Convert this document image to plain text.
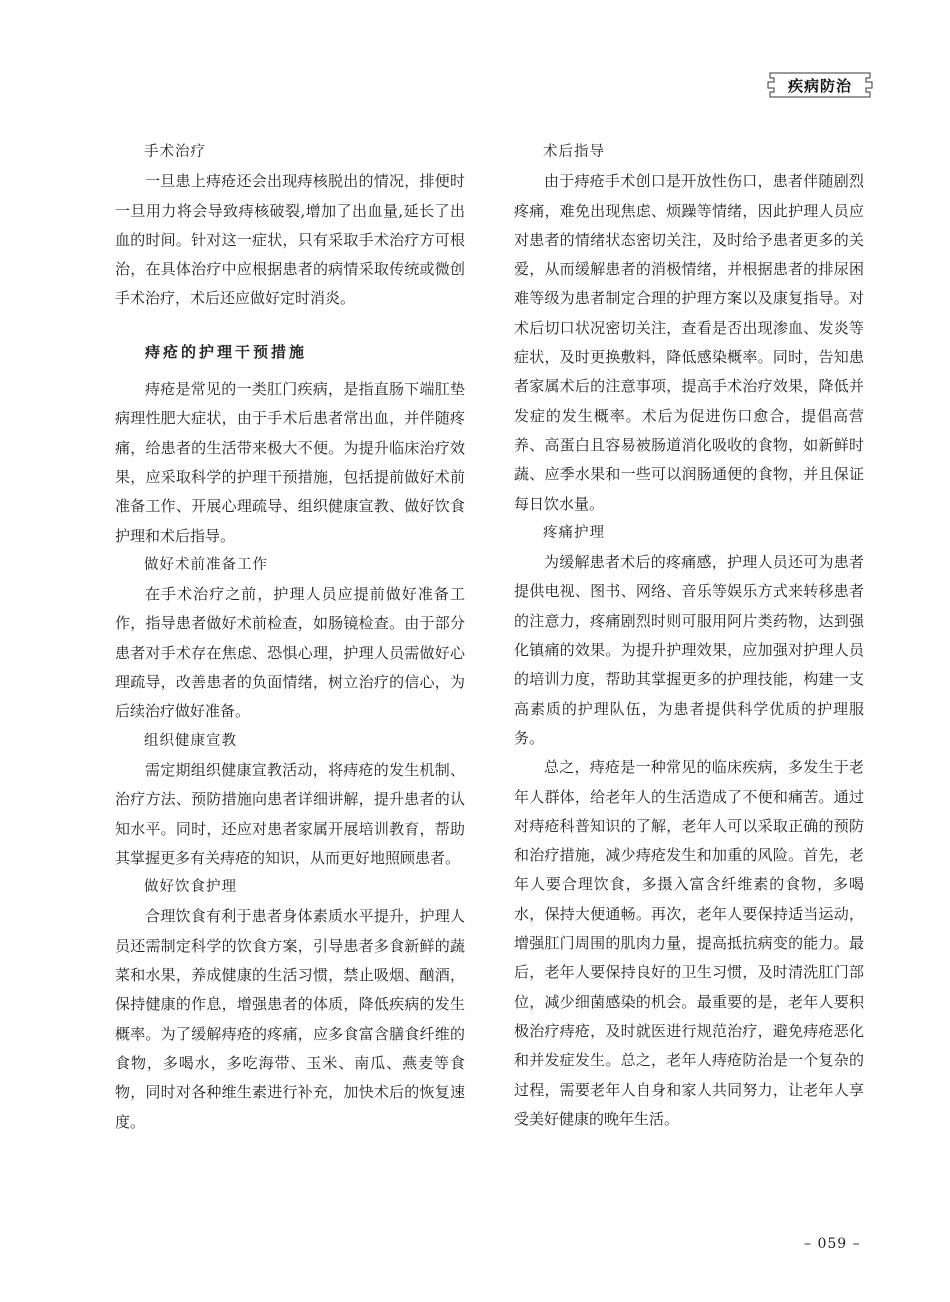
疾病防治
手术治疗

一旦患上痔疮还会出现痔核脱出的情况，排便时一旦用力将会导致痔核破裂,增加了出血量,延长了出血的时间。针对这一症状，只有采取手术治疗方可根治，在具体治疗中应根据患者的病情采取传统或微创手术治疗，术后还应做好定时消炎。

痔疮的护理干预措施

痔疮是常见的一类肛门疾病，是指直肠下端肛垫病理性肥大症状，由于手术后患者常出血，并伴随疼痛，给患者的生活带来极大不便。为提升临床治疗效果，应采取科学的护理干预措施，包括提前做好术前准备工作、开展心理疏导、组织健康宣教、做好饮食护理和术后指导。

做好术前准备工作

在手术治疗之前，护理人员应提前做好准备工作，指导患者做好术前检查，如肠镜检查。由于部分患者对手术存在焦虑、恐惧心理，护理人员需做好心理疏导，改善患者的负面情绪，树立治疗的信心，为后续治疗做好准备。

组织健康宣教

需定期组织健康宣教活动，将痔疮的发生机制、治疗方法、预防措施向患者详细讲解，提升患者的认知水平。同时，还应对患者家属开展培训教育，帮助其掌握更多有关痔疮的知识，从而更好地照顾患者。

做好饮食护理

合理饮食有利于患者身体素质水平提升，护理人员还需制定科学的饮食方案，引导患者多食新鲜的蔬菜和水果，养成健康的生活习惯，禁止吸烟、酗酒，保持健康的作息，增强患者的体质，降低疾病的发生概率。为了缓解痔疮的疼痛，应多食富含膳食纤维的食物，多喝水，多吃海带、玉米、南瓜、燕麦等食物，同时对各种维生素进行补充，加快术后的恢复速度。

术后指导

由于痔疮手术创口是开放性伤口，患者伴随剧烈疼痛，难免出现焦虑、烦躁等情绪，因此护理人员应对患者的情绪状态密切关注，及时给予患者更多的关爱，从而缓解患者的消极情绪，并根据患者的排尿困难等级为患者制定合理的护理方案以及康复指导。对术后切口状况密切关注，查看是否出现渗血、发炎等症状，及时更换敷料，降低感染概率。同时，告知患者家属术后的注意事项，提高手术治疗效果，降低并发症的发生概率。术后为促进伤口愈合，提倡高营养、高蛋白且容易被肠道消化吸收的食物，如新鲜时蔬、应季水果和一些可以润肠通便的食物，并且保证每日饮水量。

疼痛护理

为缓解患者术后的疼痛感，护理人员还可为患者提供电视、图书、网络、音乐等娱乐方式来转移患者的注意力，疼痛剧烈时则可服用阿片类药物，达到强化镇痛的效果。为提升护理效果，应加强对护理人员的培训力度，帮助其掌握更多的护理技能，构建一支高素质的护理队伍，为患者提供科学优质的护理服务。

总之，痔疮是一种常见的临床疾病，多发生于老年人群体，给老年人的生活造成了不便和痛苦。通过对痔疮科普知识的了解，老年人可以采取正确的预防和治疗措施，减少痔疮发生和加重的风险。首先，老年人要合理饮食，多摄入富含纤维素的食物，多喝水，保持大便通畅。再次，老年人要保持适当运动，增强肛门周围的肌肉力量，提高抵抗病变的能力。最后，老年人要保持良好的卫生习惯，及时清洗肛门部位，减少细菌感染的机会。最重要的是，老年人要积极治疗痔疮，及时就医进行规范治疗，避免痔疮恶化和并发症发生。总之，老年人痔疮防治是一个复杂的过程，需要老年人自身和家人共同努力，让老年人享受美好健康的晚年生活。

– 059 –
